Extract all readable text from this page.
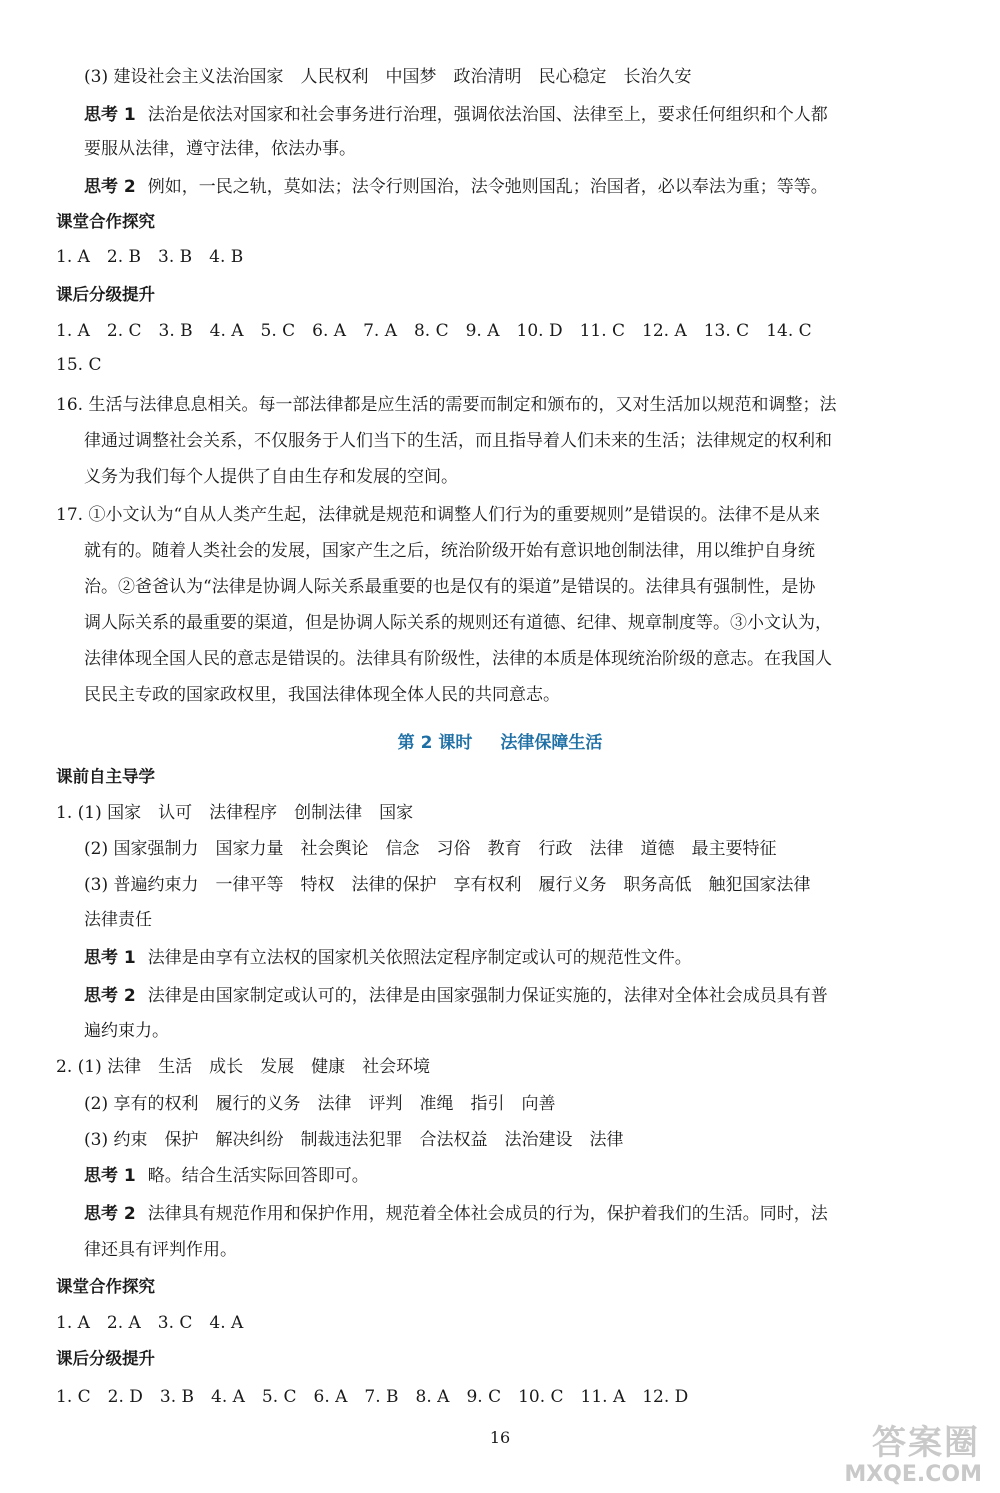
(3) 建设社会主义法治国家　人民权利　中国梦　政治清明　民心稳定　长治久安
思考 1 法治是依法对国家和社会事务进行治理，强调依法治国、法律至上，要求任何组织和个人都
要服从法律，遵守法律，依法办事。
思考 2 例如，一民之轨，莫如法；法令行则国治，法令弛则国乱；治国者，必以奉法为重；等等。
课堂合作探究
1. A　2. B　3. B　4. B
课后分级提升
1. A　2. C　3. B　4. A　5. C　6. A　7. A　8. C　9. A　10. D　11. C　12. A　13. C　14. C
15. C
16. 生活与法律息息相关。每一部法律都是应生活的需要而制定和颁布的，又对生活加以规范和调整；法
律通过调整社会关系，不仅服务于人们当下的生活，而且指导着人们未来的生活；法律规定的权利和
义务为我们每个人提供了自由生存和发展的空间。
17. ①小文认为“自从人类产生起，法律就是规范和调整人们行为的重要规则”是错误的。法律不是从来
就有的。随着人类社会的发展，国家产生之后，统治阶级开始有意识地创制法律，用以维护自身统
治。②爸爸认为“法律是协调人际关系最重要的也是仅有的渠道”是错误的。法律具有强制性，是协
调人际关系的最重要的渠道，但是协调人际关系的规则还有道德、纪律、规章制度等。③小文认为，
法律体现全国人民的意志是错误的。法律具有阶级性，法律的本质是体现统治阶级的意志。在我国人
民民主专政的国家政权里，我国法律体现全体人民的共同意志。
第 2 课时 法律保障生活
课前自主导学
1. (1) 国家　认可　法律程序　创制法律　国家
(2) 国家强制力　国家力量　社会舆论　信念　习俗　教育　行政　法律　道德　最主要特征
(3) 普遍约束力　一律平等　特权　法律的保护　享有权利　履行义务　职务高低　触犯国家法律
法律责任
思考 1 法律是由享有立法权的国家机关依照法定程序制定或认可的规范性文件。
思考 2 法律是由国家制定或认可的，法律是由国家强制力保证实施的，法律对全体社会成员具有普
遍约束力。
2. (1) 法律　生活　成长　发展　健康　社会环境
(2) 享有的权利　履行的义务　法律　评判　准绳　指引　向善
(3) 约束　保护　解决纠纷　制裁违法犯罪　合法权益　法治建设　法律
思考 1 略。结合生活实际回答即可。
思考 2 法律具有规范作用和保护作用，规范着全体社会成员的行为，保护着我们的生活。同时，法
律还具有评判作用。
课堂合作探究
1. A　2. A　3. C　4. A
课后分级提升
1. C　2. D　3. B　4. A　5. C　6. A　7. B　8. A　9. C　10. C　11. A　12. D
16	答案圈
MXQE.COM
